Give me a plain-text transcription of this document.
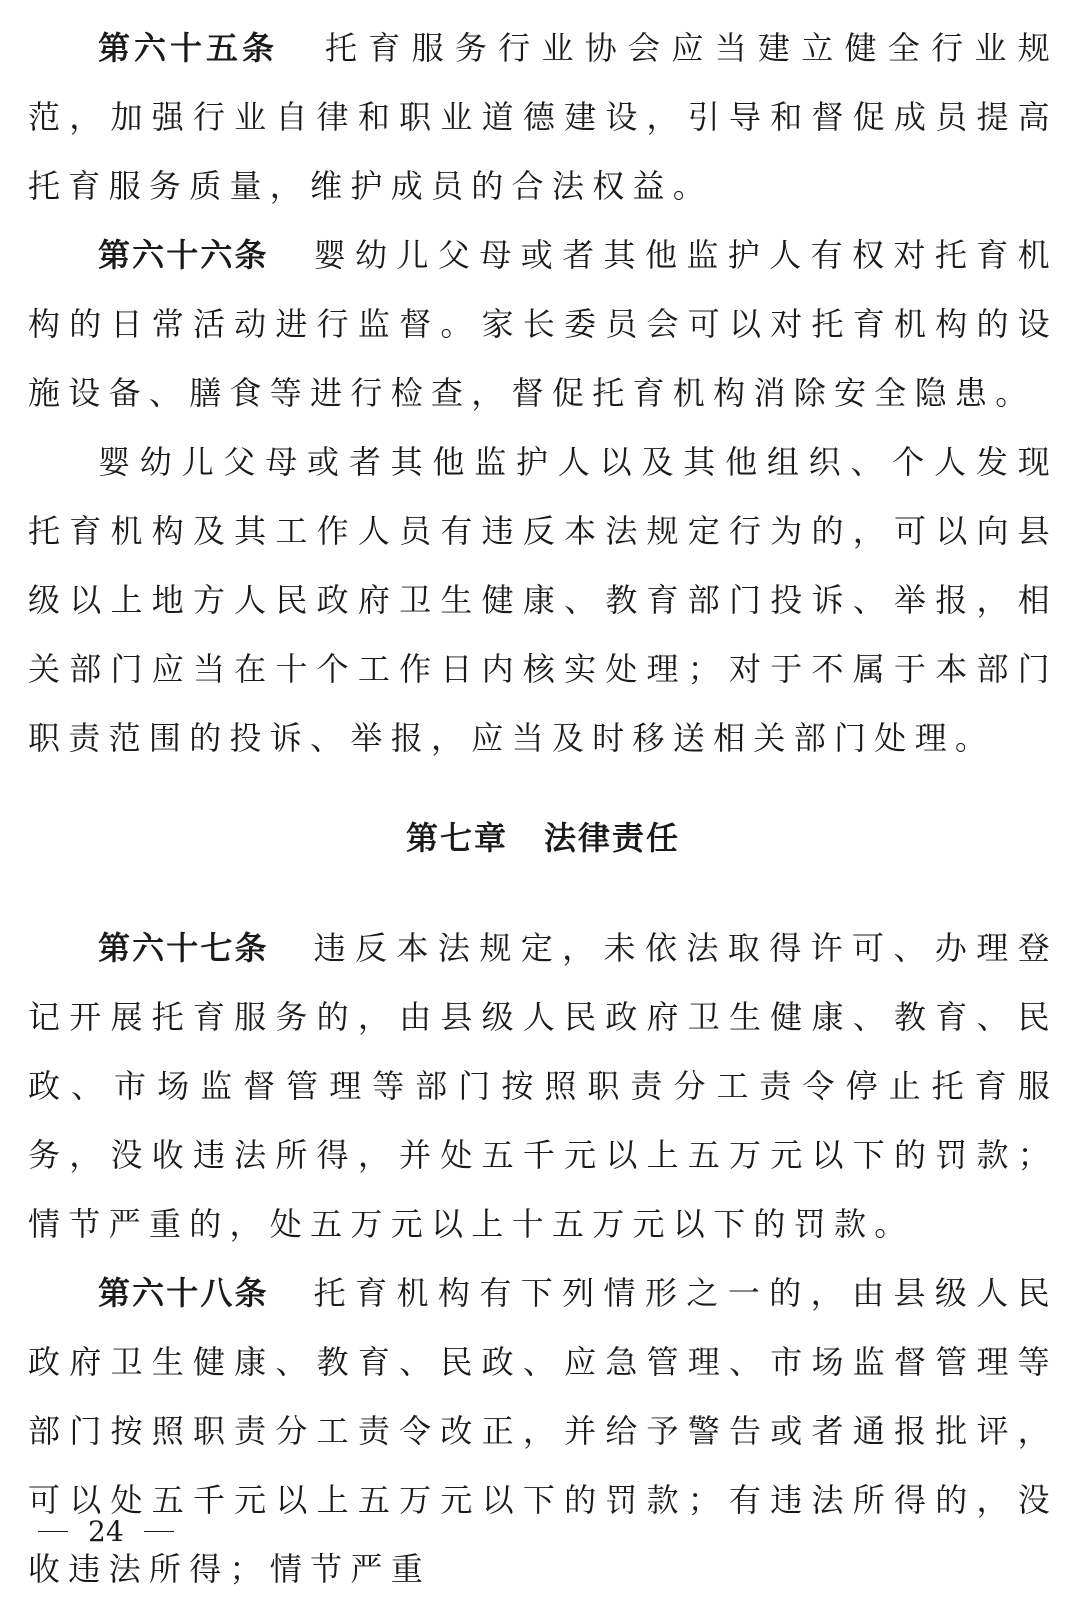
第六十五条 托育服务行业协会应当建立健全行业规范，加强行业自律和职业道德建设，引导和督促成员提高托育服务质量，维护成员的合法权益。

第六十六条 婴幼儿父母或者其他监护人有权对托育机构的日常活动进行监督。家长委员会可以对托育机构的设施设备、膳食等进行检查，督促托育机构消除安全隐患。

婴幼儿父母或者其他监护人以及其他组织、个人发现托育机构及其工作人员有违反本法规定行为的，可以向县级以上地方人民政府卫生健康、教育部门投诉、举报，相关部门应当在十个工作日内核实处理；对于不属于本部门职责范围的投诉、举报，应当及时移送相关部门处理。

第七章 法律责任

第六十七条 违反本法规定，未依法取得许可、办理登记开展托育服务的，由县级人民政府卫生健康、教育、民政、市场监督管理等部门按照职责分工责令停止托育服务，没收违法所得，并处五千元以上五万元以下的罚款；情节严重的，处五万元以上十五万元以下的罚款。

第六十八条 托育机构有下列情形之一的，由县级人民政府卫生健康、教育、民政、应急管理、市场监督管理等部门按照职责分工责令改正，并给予警告或者通报批评，可以处五千元以上五万元以下的罚款；有违法所得的，没收违法所得；情节严重

24
